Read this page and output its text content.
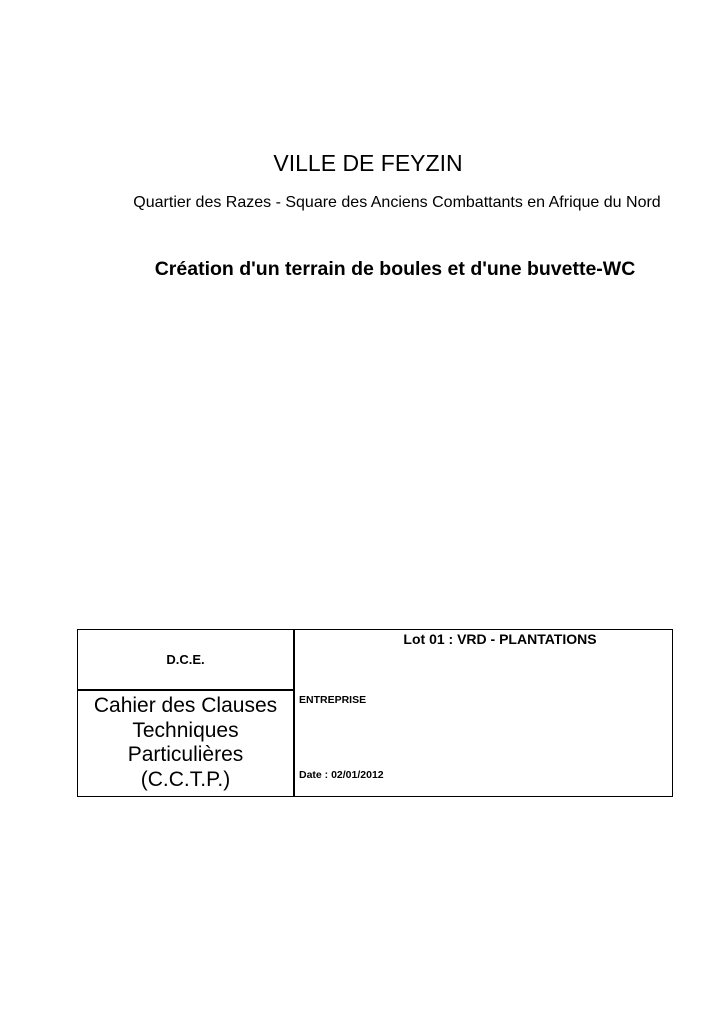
VILLE DE FEYZIN
Quartier des Razes - Square des Anciens Combattants en Afrique du Nord
Création d'un terrain de boules et d'une buvette-WC
D.C.E.
Cahier des Clauses
Techniques
Particulières
(C.C.T.P.)
Lot 01 : VRD - PLANTATIONS
ENTREPRISE
Date : 02/01/2012
